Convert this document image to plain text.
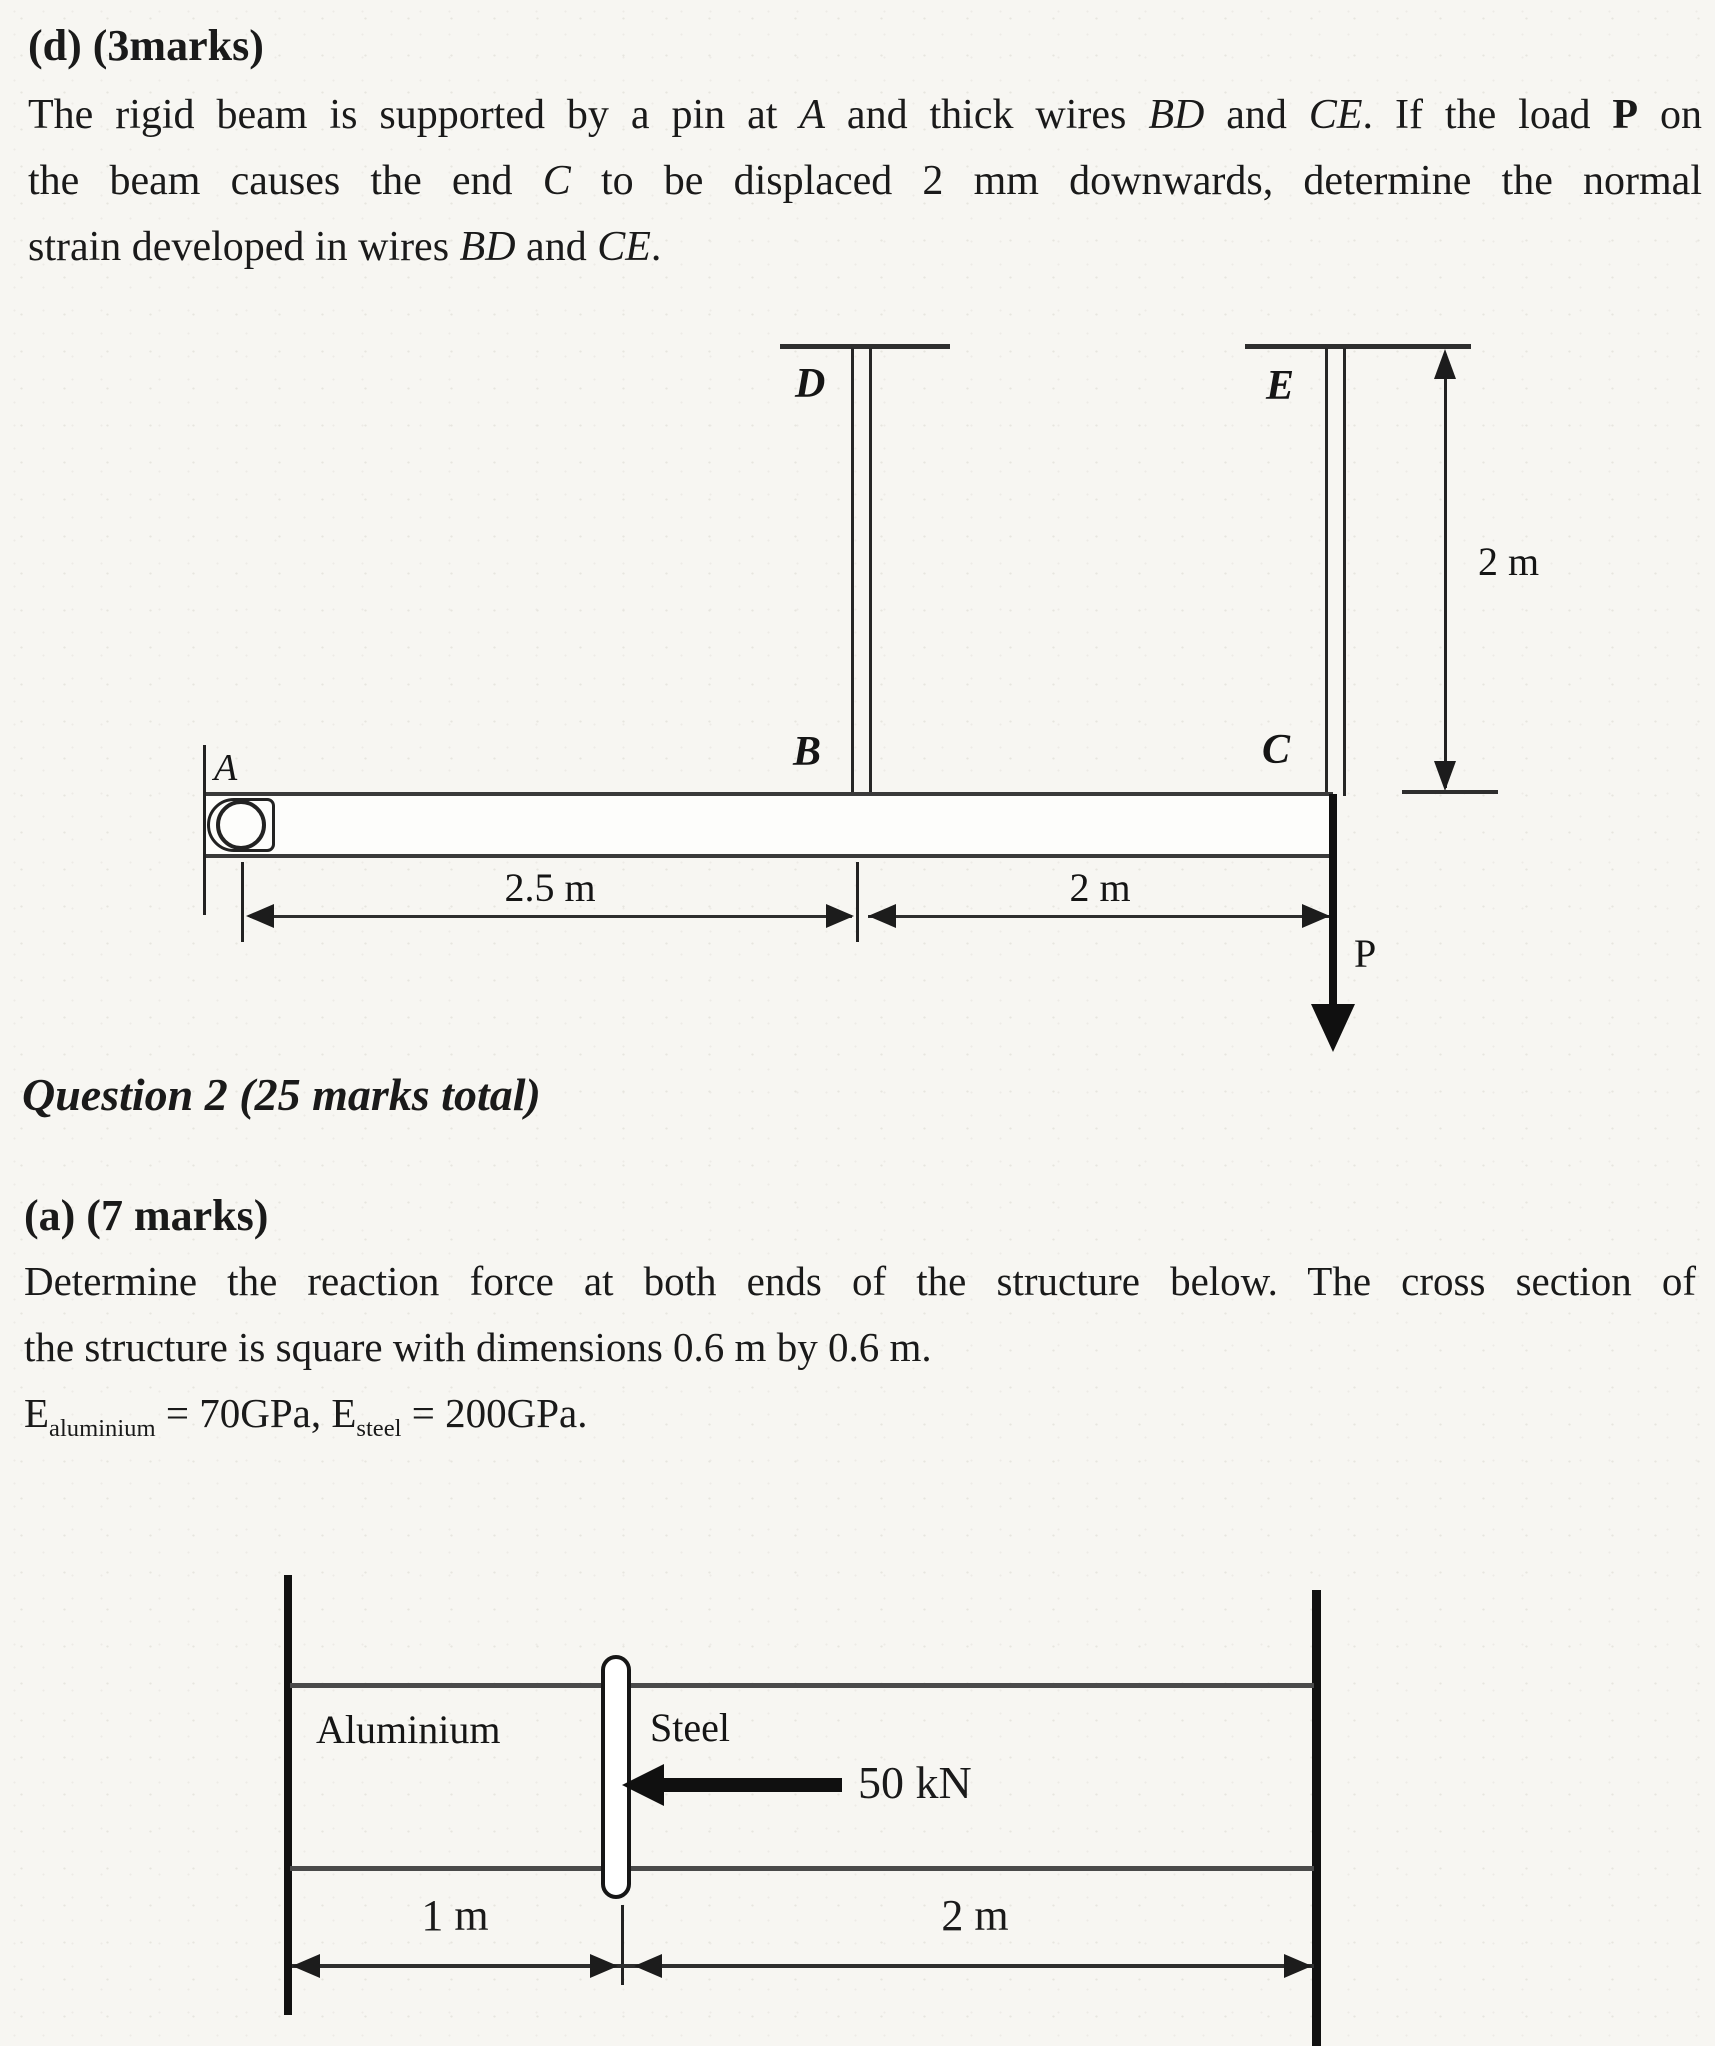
(d) (3marks)
The rigid beam is supported by a pin at A and thick wires BD and CE. If the load P on
the beam causes the end C to be displaced 2 mm downwards, determine the normal
strain developed in wires BD and CE.
D	E
B	C
2 m
A
2.5 m	2 m
P
Question 2 (25 marks total)
(a) (7 marks)
Determine the reaction force at both ends of the structure below. The cross section of
the structure is square with dimensions 0.6 m by 0.6 m.
$E_{aluminium} = 70GPa$, $E_{steel} = 200GPa$.
Aluminium	Steel
50 kN
1 m	2 m
